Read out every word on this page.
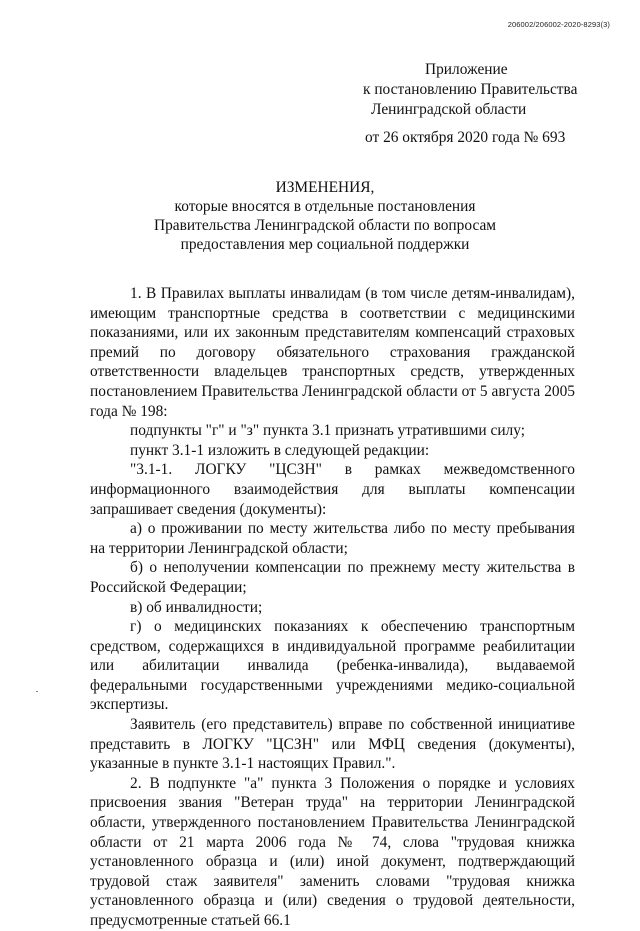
206002/206002-2020-8293(3)
Приложение
к постановлению Правительства
Ленинградской области
от 26 октября 2020 года № 693
ИЗМЕНЕНИЯ,
которые вносятся в отдельные постановления
Правительства Ленинградской области по вопросам
предоставления мер социальной поддержки

1. В Правилах выплаты инвалидам (в том числе детям-инвалидам), имеющим транспортные средства в соответствии с медицинскими показаниями, или их законным представителям компенсаций страховых премий по договору обязательного страхования гражданской ответственности владельцев транспортных средств, утвержденных постановлением Правительства Ленинградской области от 5 августа 2005 года № 198:

подпункты "г" и "з" пункта 3.1 признать утратившими силу;

пункт 3.1-1 изложить в следующей редакции:

"3.1-1. ЛОГКУ "ЦСЗН" в рамках межведомственного информационного взаимодействия для выплаты компенсации запрашивает сведения (документы):

а) о проживании по месту жительства либо по месту пребывания на территории Ленинградской области;

б) о неполучении компенсации по прежнему месту жительства в Российской Федерации;

в) об инвалидности;

г) о медицинских показаниях к обеспечению транспортным средством, содержащихся в индивидуальной программе реабилитации или абилитации инвалида (ребенка-инвалида), выдаваемой федеральными государственными учреждениями медико-социальной экспертизы.

Заявитель (его представитель) вправе по собственной инициативе представить в ЛОГКУ "ЦСЗН" или МФЦ сведения (документы), указанные в пункте 3.1-1 настоящих Правил.".

2. В подпункте "а" пункта 3 Положения о порядке и условиях присвоения звания "Ветеран труда" на территории Ленинградской области, утвержденного постановлением Правительства Ленинградской области от 21 марта 2006 года № 74, слова "трудовая книжка установленного образца и (или) иной документ, подтверждающий трудовой стаж заявителя" заменить словами "трудовая книжка установленного образца и (или) сведения о трудовой деятельности, предусмотренные статьей 66.1
